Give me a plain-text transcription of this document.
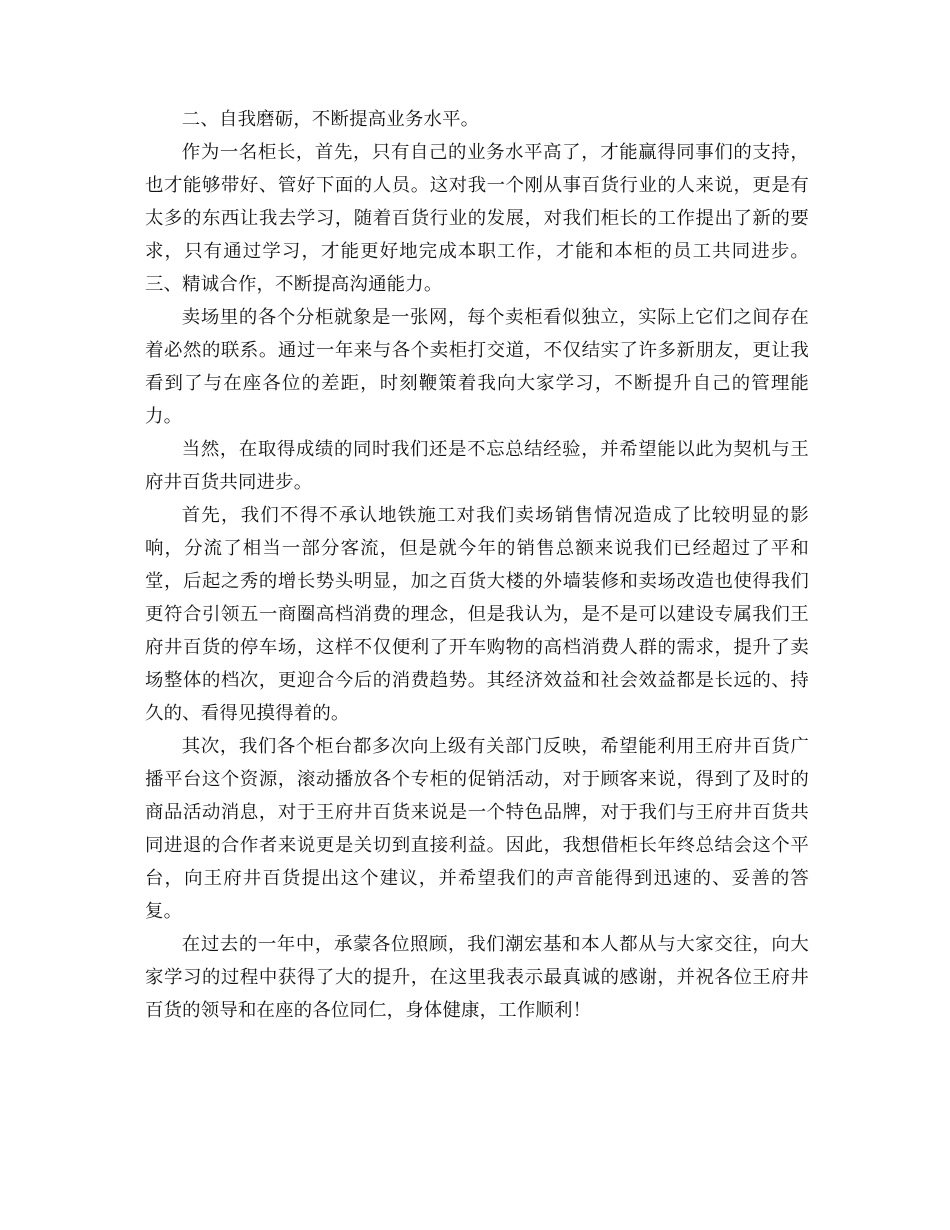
二、自我磨砺，不断提高业务水平。

作为一名柜长，首先，只有自己的业务水平高了，才能赢得同事们的支持，也才能够带好、管好下面的人员。这对我一个刚从事百货行业的人来说，更是有太多的东西让我去学习，随着百货行业的发展，对我们柜长的工作提出了新的要求，只有通过学习，才能更好地完成本职工作，才能和本柜的员工共同进步。三、精诚合作，不断提高沟通能力。

卖场里的各个分柜就象是一张网，每个卖柜看似独立，实际上它们之间存在着必然的联系。通过一年来与各个卖柜打交道，不仅结实了许多新朋友，更让我看到了与在座各位的差距，时刻鞭策着我向大家学习，不断提升自己的管理能力。

当然，在取得成绩的同时我们还是不忘总结经验，并希望能以此为契机与王府井百货共同进步。

首先，我们不得不承认地铁施工对我们卖场销售情况造成了比较明显的影响，分流了相当一部分客流，但是就今年的销售总额来说我们已经超过了平和堂，后起之秀的增长势头明显，加之百货大楼的外墙装修和卖场改造也使得我们更符合引领五一商圈高档消费的理念，但是我认为，是不是可以建设专属我们王府井百货的停车场，这样不仅便利了开车购物的高档消费人群的需求，提升了卖场整体的档次，更迎合今后的消费趋势。其经济效益和社会效益都是长远的、持久的、看得见摸得着的。

其次，我们各个柜台都多次向上级有关部门反映，希望能利用王府井百货广播平台这个资源，滚动播放各个专柜的促销活动，对于顾客来说，得到了及时的商品活动消息，对于王府井百货来说是一个特色品牌，对于我们与王府井百货共同进退的合作者来说更是关切到直接利益。因此，我想借柜长年终总结会这个平台，向王府井百货提出这个建议，并希望我们的声音能得到迅速的、妥善的答复。

在过去的一年中，承蒙各位照顾，我们潮宏基和本人都从与大家交往，向大家学习的过程中获得了大的提升，在这里我表示最真诚的感谢，并祝各位王府井百货的领导和在座的各位同仁，身体健康，工作顺利！
